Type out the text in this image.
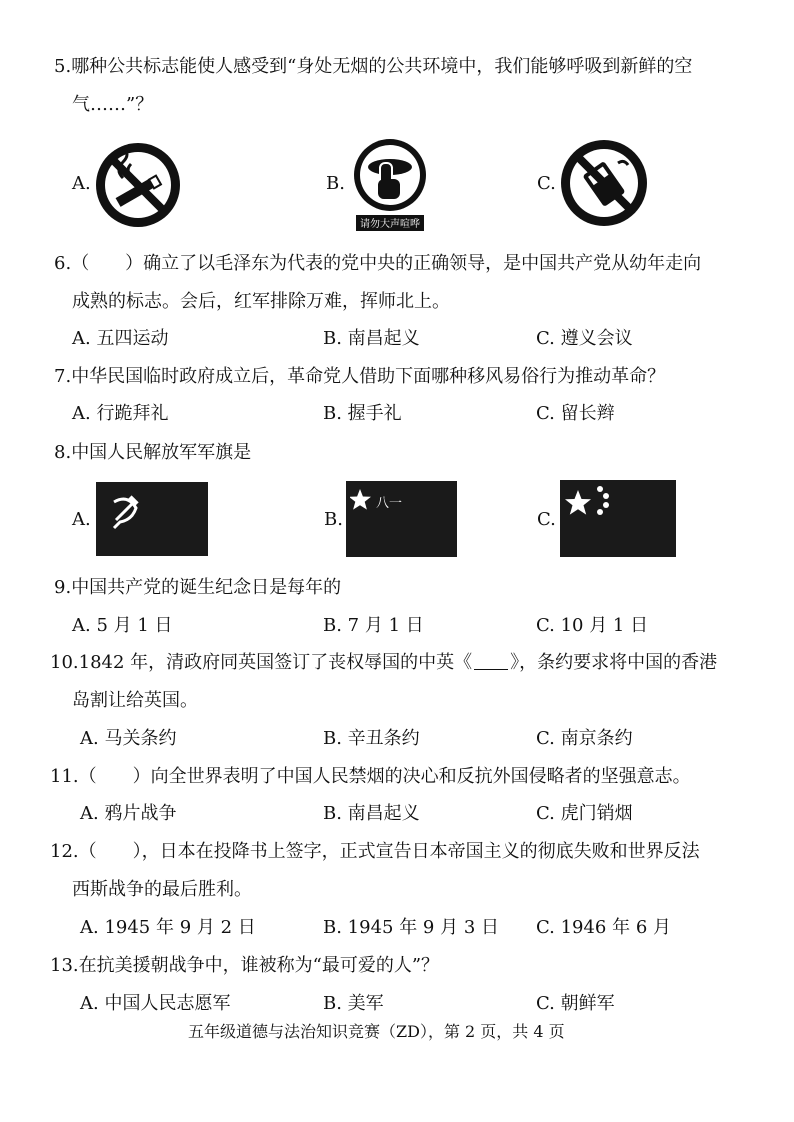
5.哪种公共标志能使人感受到“身处无烟的公共环境中，我们能够呼吸到新鲜的空
气……”？
A.	B.
请勿大声喧哗
C.
6.（　　）确立了以毛泽东为代表的党中央的正确领导，是中国共产党从幼年走向
成熟的标志。会后，红军排除万难，挥师北上。
A. 五四运动	B. 南昌起义	C. 遵义会议
7.中华民国临时政府成立后，革命党人借助下面哪种移风易俗行为推动革命？
A. 行跪拜礼	B. 握手礼	C. 留长辫
8.中国人民解放军军旗是
A.	B.
八一
C.
9.中国共产党的诞生纪念日是每年的
A. 5 月 1 日	B. 7 月 1 日	C. 10 月 1 日
10.1842 年，清政府同英国签订了丧权辱国的中英《 》，条约要求将中国的香港
岛割让给英国。
A. 马关条约	B. 辛丑条约	C. 南京条约
11.（　　）向全世界表明了中国人民禁烟的决心和反抗外国侵略者的坚强意志。
A. 鸦片战争	B. 南昌起义	C. 虎门销烟
12.（　　），日本在投降书上签字，正式宣告日本帝国主义的彻底失败和世界反法
西斯战争的最后胜利。
A. 1945 年 9 月 2 日	B. 1945 年 9 月 3 日 C. 1946 年 6 月
13.在抗美援朝战争中，谁被称为“最可爱的人”？
A. 中国人民志愿军	B. 美军	C. 朝鲜军
五年级道德与法治知识竞赛（ZD），第 2 页，共 4 页
